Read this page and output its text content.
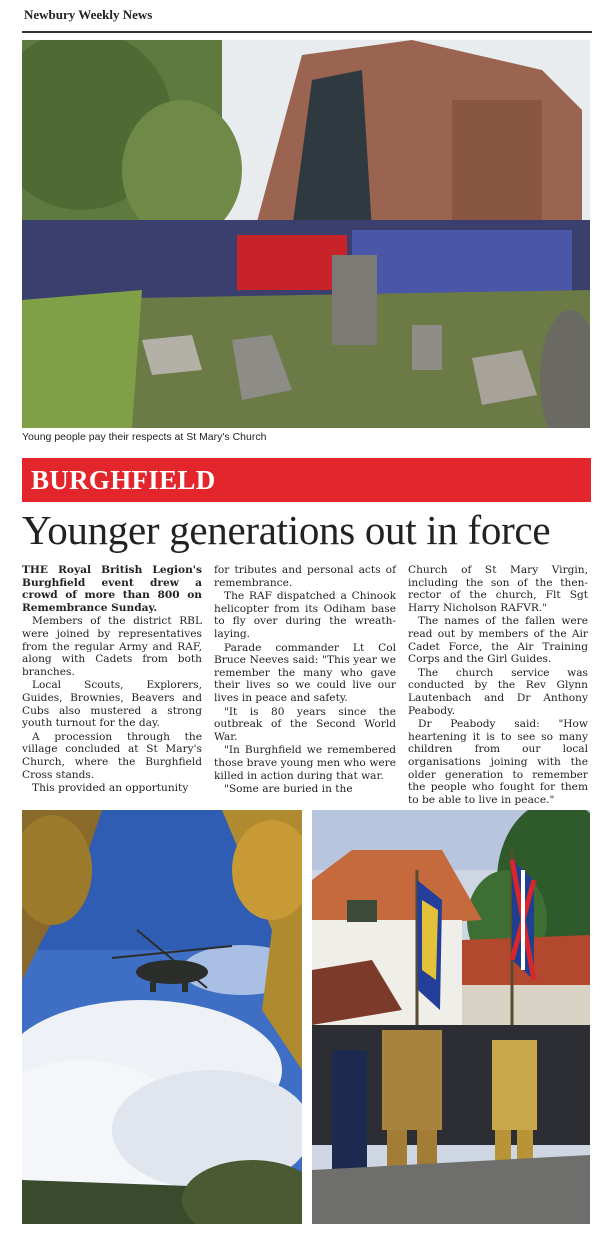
Newbury Weekly News
Young people pay their respects at St Mary's Church
BURGHFIELD
Younger generations out in force

THE Royal British Legion's Burghfield event drew a crowd of more than 800 on Remembrance Sunday.

Members of the district RBL were joined by representatives from the regular Army and RAF, along with Cadets from both branches.

Local Scouts, Explorers, Guides, Brownies, Beavers and Cubs also mustered a strong youth turnout for the day.

A procession through the village concluded at St Mary's Church, where the Burghfield Cross stands.

This provided an opportunity

for tributes and personal acts of remembrance.

The RAF dispatched a Chinook helicopter from its Odiham base to fly over during the wreath-laying.

Parade commander Lt Col Bruce Neeves said: "This year we remember the many who gave their lives so we could live our lives in peace and safety.

"It is 80 years since the outbreak of the Second World War.

"In Burghfield we remembered those brave young men who were killed in action during that war.

"Some are buried in the

Church of St Mary Virgin, including the son of the then-rector of the church, Flt Sgt Harry Nicholson RAFVR."

The names of the fallen were read out by members of the Air Cadet Force, the Air Training Corps and the Girl Guides.

The church service was conducted by the Rev Glynn Lautenbach and Dr Anthony Peabody.

Dr Peabody said: "How heartening it is to see so many children from our local organisations joining with the older generation to remember the people who fought for them to be able to live in peace."
